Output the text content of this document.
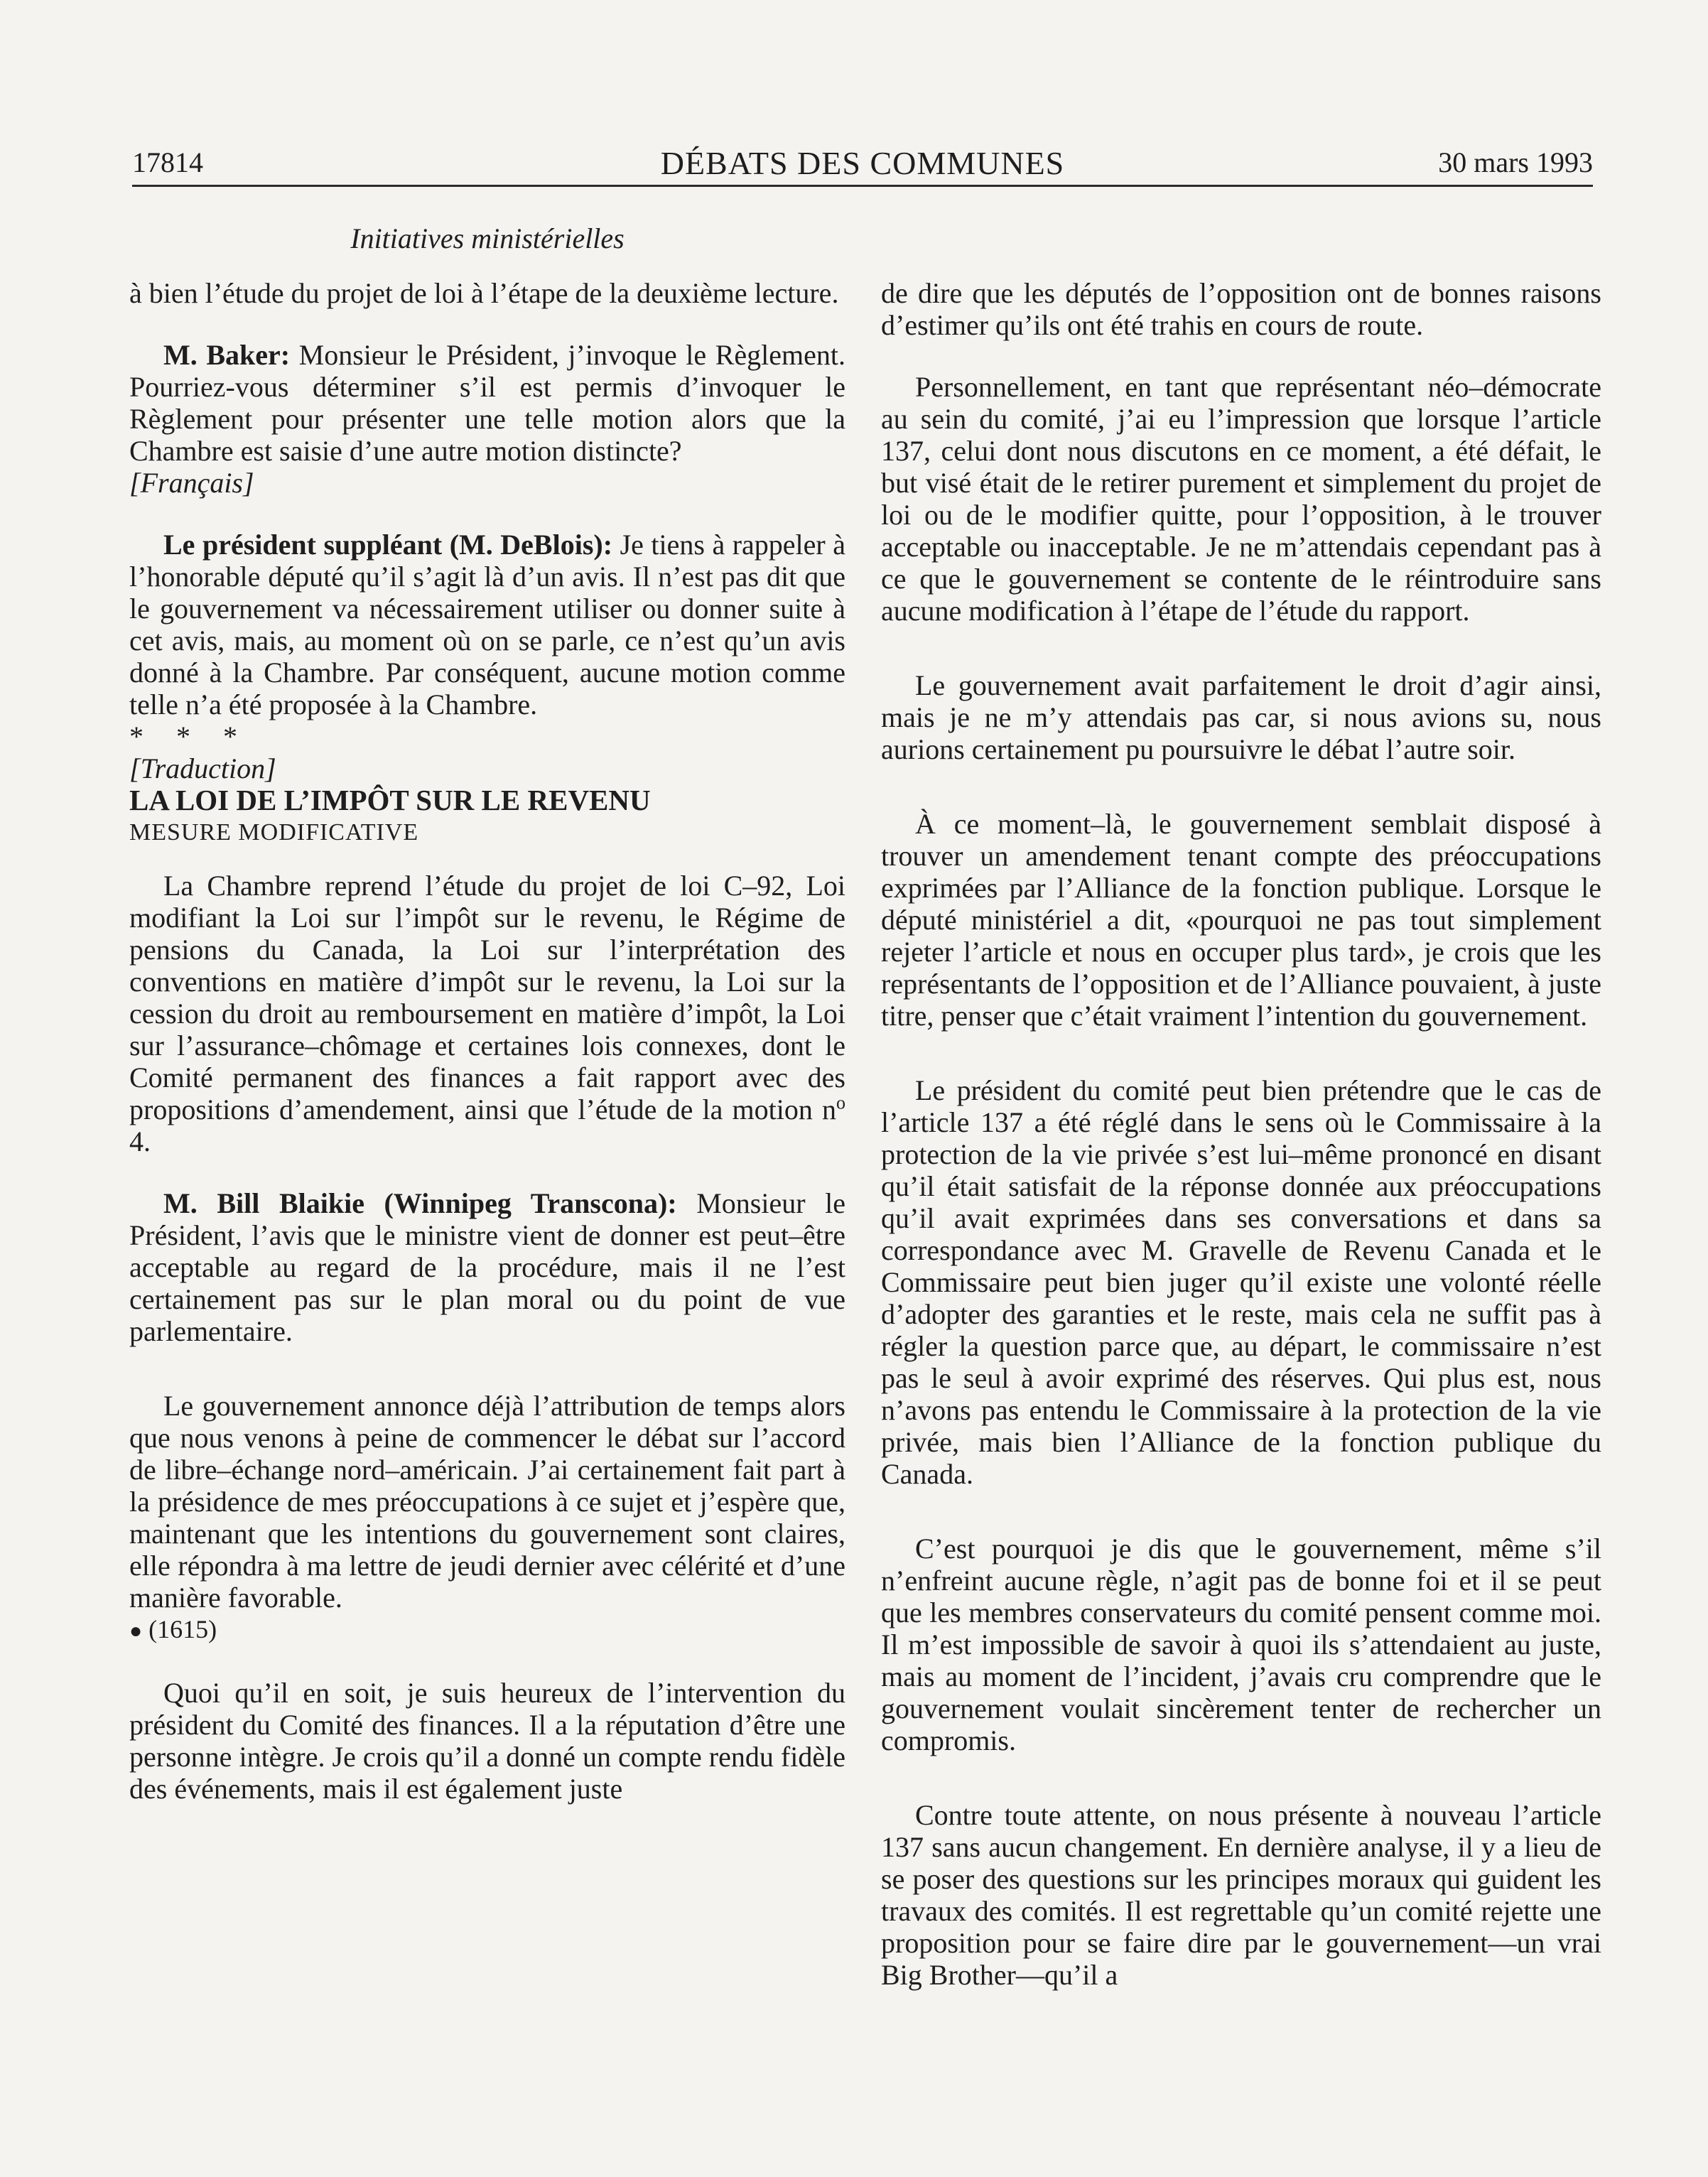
17814	DÉBATS DES COMMUNES	30 mars 1993
Initiatives ministérielles

à bien l’étude du projet de loi à l’étape de la deuxième lecture.

M. Baker: Monsieur le Président, j’invoque le Règlement. Pourriez-vous déterminer s’il est permis d’invoquer le Règlement pour présenter une telle motion alors que la Chambre est saisie d’une autre motion distincte?

[Français]

Le président suppléant (M. DeBlois): Je tiens à rappeler à l’honorable député qu’il s’agit là d’un avis. Il n’est pas dit que le gouvernement va nécessairement utiliser ou donner suite à cet avis, mais, au moment où on se parle, ce n’est qu’un avis donné à la Chambre. Par conséquent, aucune motion comme telle n’a été proposée à la Chambre.

* * *

[Traduction]

LA LOI DE L’IMPÔT SUR LE REVENU

MESURE MODIFICATIVE

La Chambre reprend l’étude du projet de loi C–92, Loi modifiant la Loi sur l’impôt sur le revenu, le Régime de pensions du Canada, la Loi sur l’interprétation des conventions en matière d’impôt sur le revenu, la Loi sur la cession du droit au remboursement en matière d’impôt, la Loi sur l’assurance–chômage et certaines lois connexes, dont le Comité permanent des finances a fait rapport avec des propositions d’amendement, ainsi que l’étude de la motion $n^o$ 4.

M. Bill Blaikie (Winnipeg Transcona): Monsieur le Président, l’avis que le ministre vient de donner est peut–être acceptable au regard de la procédure, mais il ne l’est certainement pas sur le plan moral ou du point de vue parlementaire.

Le gouvernement annonce déjà l’attribution de temps alors que nous venons à peine de commencer le débat sur l’accord de libre–échange nord–américain. J’ai certainement fait part à la présidence de mes préoccupations à ce sujet et j’espère que, maintenant que les intentions du gouvernement sont claires, elle répondra à ma lettre de jeudi dernier avec célérité et d’une manière favorable.

● (1615)

Quoi qu’il en soit, je suis heureux de l’intervention du président du Comité des finances. Il a la réputation d’être une personne intègre. Je crois qu’il a donné un compte rendu fidèle des événements, mais il est également juste

de dire que les députés de l’opposition ont de bonnes raisons d’estimer qu’ils ont été trahis en cours de route.

Personnellement, en tant que représentant néo–démocrate au sein du comité, j’ai eu l’impression que lorsque l’article 137, celui dont nous discutons en ce moment, a été défait, le but visé était de le retirer purement et simplement du projet de loi ou de le modifier quitte, pour l’opposition, à le trouver acceptable ou inacceptable. Je ne m’attendais cependant pas à ce que le gouvernement se contente de le réintroduire sans aucune modification à l’étape de l’étude du rapport.

Le gouvernement avait parfaitement le droit d’agir ainsi, mais je ne m’y attendais pas car, si nous avions su, nous aurions certainement pu poursuivre le débat l’autre soir.

À ce moment–là, le gouvernement semblait disposé à trouver un amendement tenant compte des préoccupations exprimées par l’Alliance de la fonction publique. Lorsque le député ministériel a dit, «pourquoi ne pas tout simplement rejeter l’article et nous en occuper plus tard», je crois que les représentants de l’opposition et de l’Alliance pouvaient, à juste titre, penser que c’était vraiment l’intention du gouvernement.

Le président du comité peut bien prétendre que le cas de l’article 137 a été réglé dans le sens où le Commissaire à la protection de la vie privée s’est lui–même prononcé en disant qu’il était satisfait de la réponse donnée aux préoccupations qu’il avait exprimées dans ses conversations et dans sa correspondance avec M. Gravelle de Revenu Canada et le Commissaire peut bien juger qu’il existe une volonté réelle d’adopter des garanties et le reste, mais cela ne suffit pas à régler la question parce que, au départ, le commissaire n’est pas le seul à avoir exprimé des réserves. Qui plus est, nous n’avons pas entendu le Commissaire à la protection de la vie privée, mais bien l’Alliance de la fonction publique du Canada.

C’est pourquoi je dis que le gouvernement, même s’il n’enfreint aucune règle, n’agit pas de bonne foi et il se peut que les membres conservateurs du comité pensent comme moi. Il m’est impossible de savoir à quoi ils s’attendaient au juste, mais au moment de l’incident, j’avais cru comprendre que le gouvernement voulait sincèrement tenter de rechercher un compromis.

Contre toute attente, on nous présente à nouveau l’article 137 sans aucun changement. En dernière analyse, il y a lieu de se poser des questions sur les principes moraux qui guident les travaux des comités. Il est regrettable qu’un comité rejette une proposition pour se faire dire par le gouvernement—un vrai Big Brother—qu’il a
